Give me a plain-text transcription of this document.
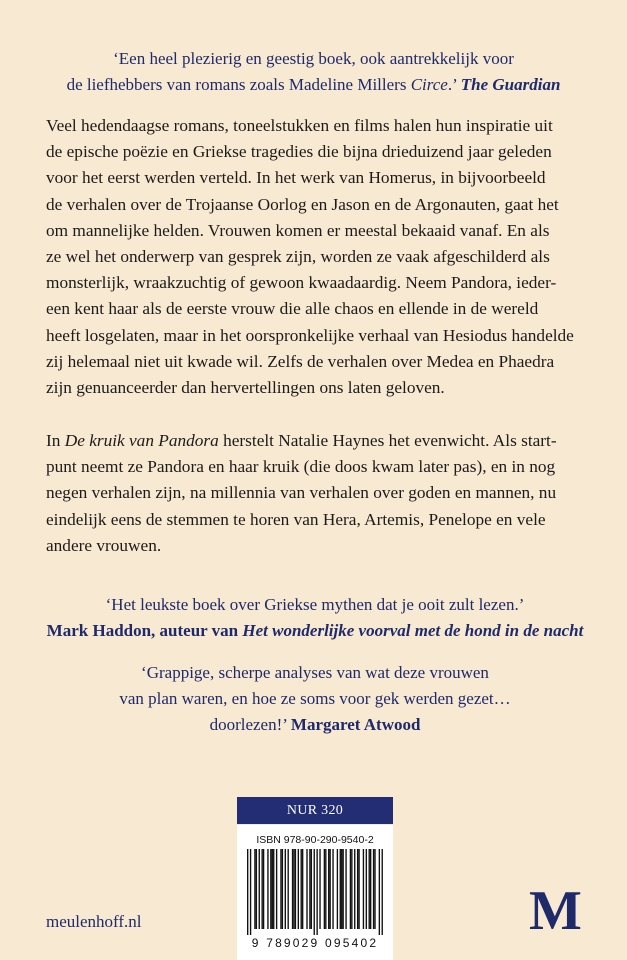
‘Een heel plezierig en geestig boek, ook aantrekkelijk voor
de liefhebbers van romans zoals Madeline Millers Circe.’ The Guardian
Veel hedendaagse romans, toneelstukken en films halen hun inspiratie uit
de epische poëzie en Griekse tragedies die bijna drieduizend jaar geleden
voor het eerst werden verteld. In het werk van Homerus, in bijvoorbeeld
de verhalen over de Trojaanse Oorlog en Jason en de Argonauten, gaat het
om mannelijke helden. Vrouwen komen er meestal bekaaid vanaf. En als
ze wel het onderwerp van gesprek zijn, worden ze vaak afgeschilderd als
monsterlijk, wraakzuchtig of gewoon kwaadaardig. Neem Pandora, ieder-
een kent haar als de eerste vrouw die alle chaos en ellende in de wereld
heeft losgelaten, maar in het oorspronkelijke verhaal van Hesiodus handelde
zij helemaal niet uit kwade wil. Zelfs de verhalen over Medea en Phaedra
zijn genuanceerder dan hervertellingen ons laten geloven.
In De kruik van Pandora herstelt Natalie Haynes het evenwicht. Als start-
punt neemt ze Pandora en haar kruik (die doos kwam later pas), en in nog
negen verhalen zijn, na millennia van verhalen over goden en mannen, nu
eindelijk eens de stemmen te horen van Hera, Artemis, Penelope en vele
andere vrouwen.
‘Het leukste boek over Griekse mythen dat je ooit zult lezen.’
Mark Haddon, auteur van Het wonderlijke voorval met de hond in de nacht
‘Grappige, scherpe analyses van wat deze vrouwen
van plan waren, en hoe ze soms voor gek werden gezet…
doorlezen!’ Margaret Atwood
NUR 320
ISBN 978-90-290-9540-2
9 789029 095402
meulenhoff.nl	M
